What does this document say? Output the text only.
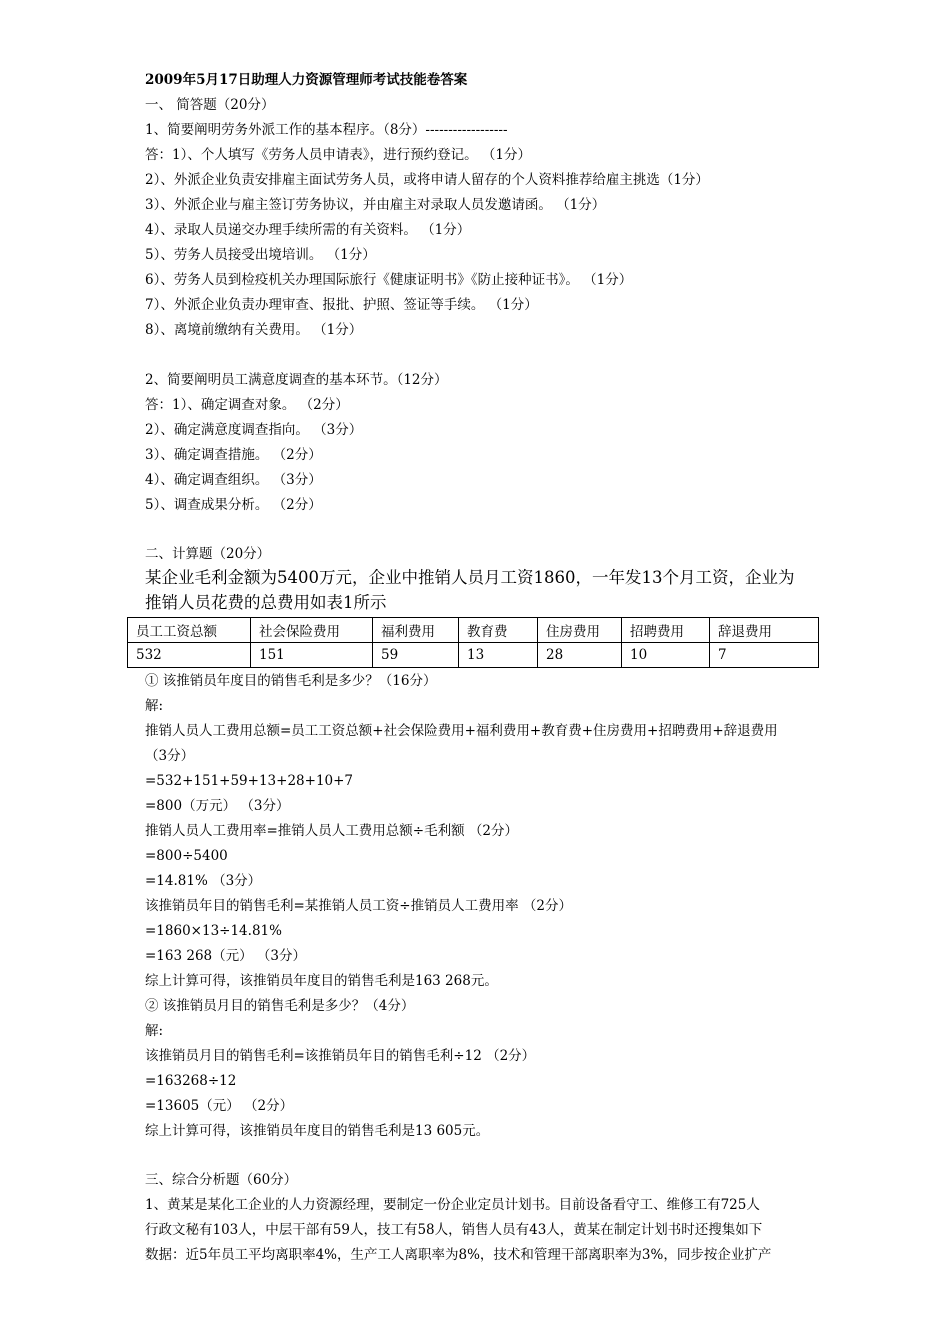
2009年5月17日助理人力资源管理师考试技能卷答案
一、 简答题（20分）
1、简要阐明劳务外派工作的基本程序。（8分）------------------
答：1）、个人填写《劳务人员申请表》，进行预约登记。 （1分）
2）、外派企业负责安排雇主面试劳务人员，或将申请人留存的个人资料推荐给雇主挑选（1分）
3）、外派企业与雇主签订劳务协议，并由雇主对录取人员发邀请函。 （1分）
4）、录取人员递交办理手续所需的有关资料。 （1分）
5）、劳务人员接受出境培训。 （1分）
6）、劳务人员到检疫机关办理国际旅行《健康证明书》《防止接种证书》。 （1分）
7）、外派企业负责办理审查、报批、护照、签证等手续。 （1分）
8）、离境前缴纳有关费用。 （1分）
2、简要阐明员工满意度调查的基本环节。（12分）
答：1）、确定调查对象。 （2分）
2）、确定满意度调查指向。 （3分）
3）、确定调查措施。 （2分）
4）、确定调查组织。 （3分）
5）、调查成果分析。 （2分）
二、计算题（20分）
某企业毛利金额为5400万元，企业中推销人员月工资1860，一年发13个月工资，企业为
推销人员花费的总费用如表1所示
员工工资总额	社会保险费用	福利费用	教育费	住房费用	招聘费用	辞退费用
532	151	59	13	28	10	7
① 该推销员年度目的销售毛利是多少？（16分）
解:
推销人员人工费用总额=员工工资总额+社会保险费用+福利费用+教育费+住房费用+招聘费用+辞退费用
（3分）
=532+151+59+13+28+10+7
=800（万元） （3分）
推销人员人工费用率=推销人员人工费用总额÷毛利额 （2分）
=800÷5400
=14.81% （3分）
该推销员年目的销售毛利=某推销人员工资÷推销员人工费用率 （2分）
=1860×13÷14.81%
=163 268（元） （3分）
综上计算可得，该推销员年度目的销售毛利是163 268元。
② 该推销员月目的销售毛利是多少？（4分）
解:
该推销员月目的销售毛利=该推销员年目的销售毛利÷12 （2分）
=163268÷12
=13605（元） （2分）
综上计算可得，该推销员年度目的销售毛利是13 605元。
三、综合分析题（60分）
1、黄某是某化工企业的人力资源经理，要制定一份企业定员计划书。目前设备看守工、维修工有725人
行政文秘有103人，中层干部有59人，技工有58人，销售人员有43人，黄某在制定计划书时还搜集如下
数据：近5年员工平均离职率4%，生产工人离职率为8%，技术和管理干部离职率为3%，同步按企业扩产
